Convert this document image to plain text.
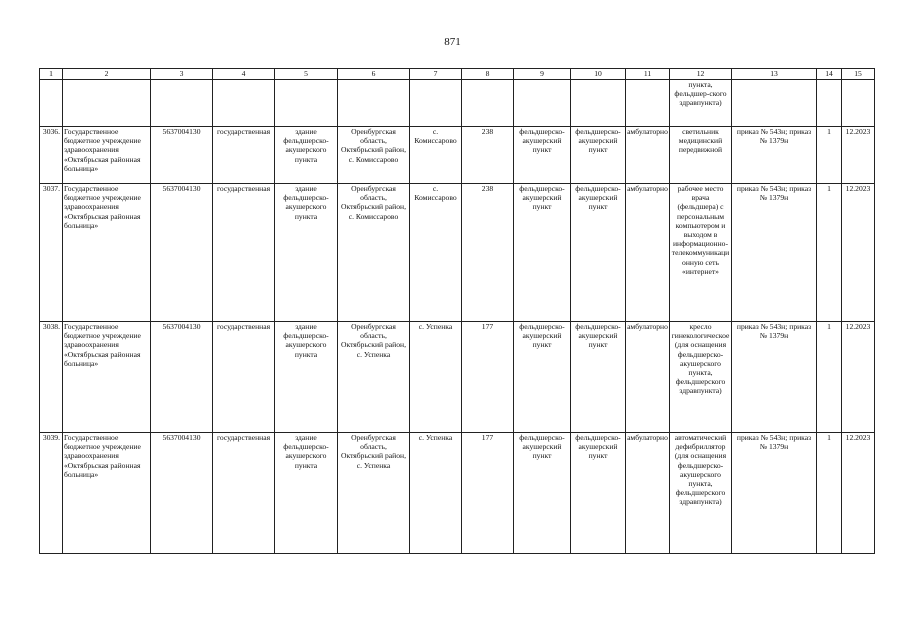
871
1	2	3	4	5	6	7	8	9	10	11	12	13	14	15
											пункта, фельдшер-ского здравпункта)			
3036.	Государственное бюджетное учреждение здравоохранения «Октябрьская районная больница»	5637004130	государственная	здание фельдшерско-акушерского пункта	Оренбургская область, Октябрьский район, с. Комиссарово	с. Комиссарово	238	фельдшерско-акушерский пункт	фельдшерско-акушерский пункт	амбулаторно	светильник медицинский передвижной	приказ № 543н; приказ № 1379н	1	12.2023
3037.	Государственное бюджетное учреждение здравоохранения «Октябрьская районная больница»	5637004130	государственная	здание фельдшерско-акушерского пункта	Оренбургская область, Октябрьский район, с. Комиссарово	с. Комиссарово	238	фельдшерско-акушерский пункт	фельдшерско-акушерский пункт	амбулаторно	рабочее место врача (фельдшера) с персональным компьютером и выходом в информационно-телекоммуникационную сеть «интернет»	приказ № 543н; приказ № 1379н	1	12.2023
3038.	Государственное бюджетное учреждение здравоохранения «Октябрьская районная больница»	5637004130	государственная	здание фельдшерско-акушерского пункта	Оренбургская область, Октябрьский район, с. Успенка	с. Успенка	177	фельдшерско-акушерский пункт	фельдшерско-акушерский пункт	амбулаторно	кресло гинекологическое (для оснащения фельдшерско-акушерского пункта, фельдшерского здравпункта)	приказ № 543н; приказ № 1379н	1	12.2023
3039.	Государственное бюджетное учреждение здравоохранения «Октябрьская районная больница»	5637004130	государственная	здание фельдшерско-акушерского пункта	Оренбургская область, Октябрьский район, с. Успенка	с. Успенка	177	фельдшерско-акушерский пункт	фельдшерско-акушерский пункт	амбулаторно	автоматический дефибриллятор (для оснащения фельдшерско-акушерского пункта, фельдшерского здравпункта)	приказ № 543н; приказ № 1379н	1	12.2023
